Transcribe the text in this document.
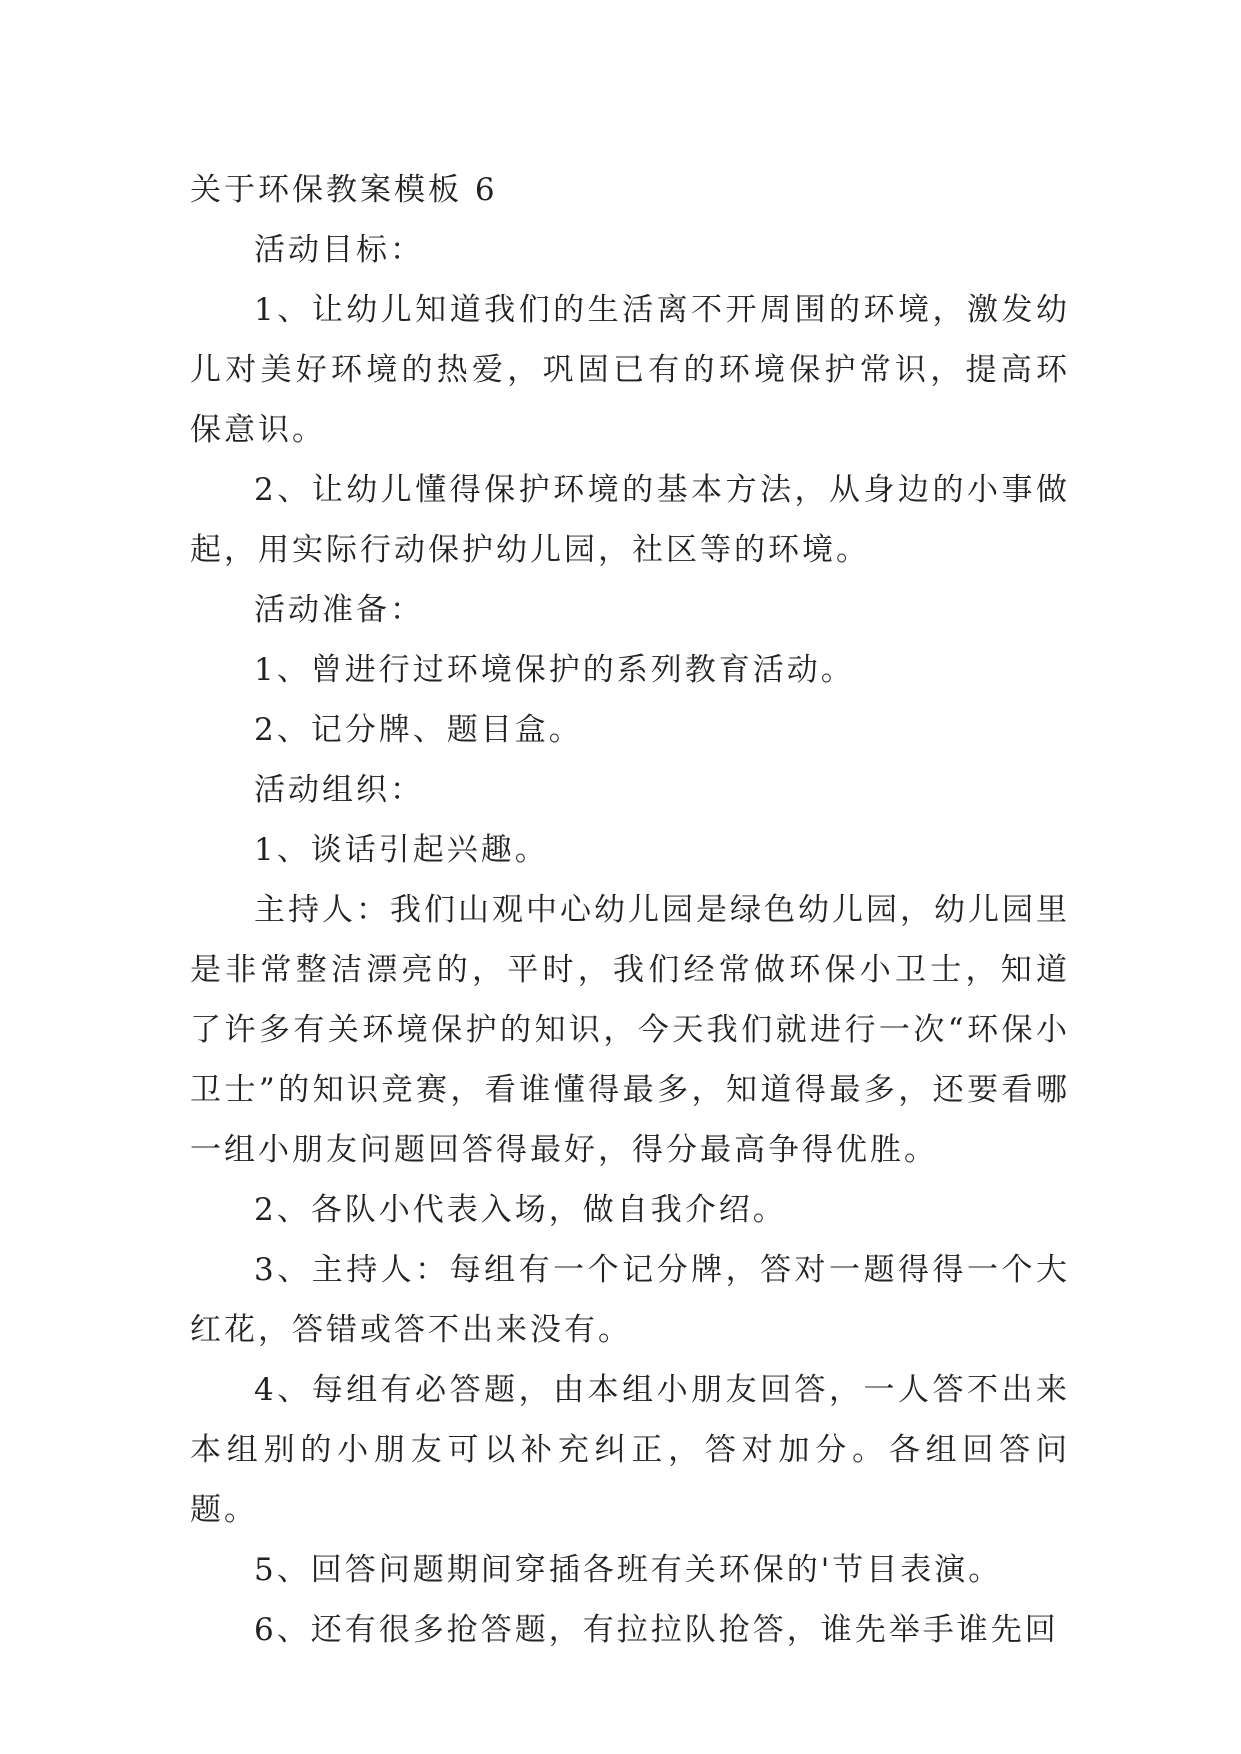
关于环保教案模板 6

活动目标：

1、让幼儿知道我们的生活离不开周围的环境，激发幼儿对美好环境的热爱，巩固已有的环境保护常识，提高环保意识。

2、让幼儿懂得保护环境的基本方法，从身边的小事做起，用实际行动保护幼儿园，社区等的环境。

活动准备：

1、曾进行过环境保护的系列教育活动。

2、记分牌、题目盒。

活动组织：

1、谈话引起兴趣。

主持人：我们山观中心幼儿园是绿色幼儿园，幼儿园里是非常整洁漂亮的，平时，我们经常做环保小卫士，知道了许多有关环境保护的知识，今天我们就进行一次“环保小卫士”的知识竞赛，看谁懂得最多，知道得最多，还要看哪一组小朋友问题回答得最好，得分最高争得优胜。

2、各队小代表入场，做自我介绍。

3、主持人：每组有一个记分牌，答对一题得得一个大红花，答错或答不出来没有。

4、每组有必答题，由本组小朋友回答，一人答不出来本组别的小朋友可以补充纠正，答对加分。各组回答问题。

5、回答问题期间穿插各班有关环保的'节目表演。

6、还有很多抢答题，有拉拉队抢答，谁先举手谁先回
